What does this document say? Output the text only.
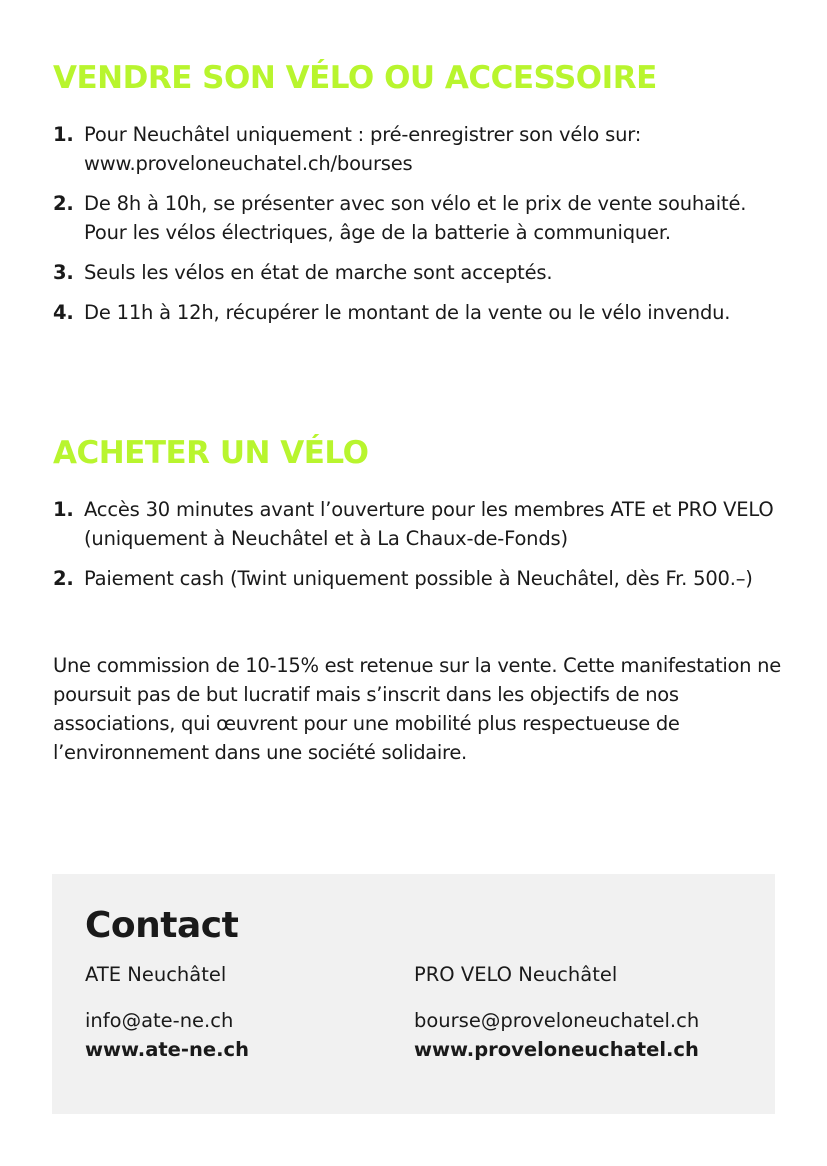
VENDRE SON VÉLO OU ACCESSOIRE
1. Pour Neuchâtel uniquement : pré-enregistrer son vélo sur: www.proveloneuchatel.ch/bourses
2. De 8h à 10h, se présenter avec son vélo et le prix de vente souhaité. Pour les vélos électriques, âge de la batterie à communiquer.
3. Seuls les vélos en état de marche sont acceptés.
4. De 11h à 12h, récupérer le montant de la vente ou le vélo invendu.
ACHETER UN VÉLO
1. Accès 30 minutes avant l’ouverture pour les membres ATE et PRO VELO (uniquement à Neuchâtel et à La Chaux-de-Fonds)
2. Paiement cash (Twint uniquement possible à Neuchâtel, dès Fr. 500.–)

Une commission de 10-15% est retenue sur la vente. Cette manifestation ne poursuit pas de but lucratif mais s’inscrit dans les objectifs de nos associations, qui œuvrent pour une mobilité plus respectueuse de l’environnement dans une société solidaire.

Contact
ATE Neuchâtel
info@ate-ne.ch
www.ate-ne.ch
PRO VELO Neuchâtel
bourse@proveloneuchatel.ch
www.proveloneuchatel.ch
